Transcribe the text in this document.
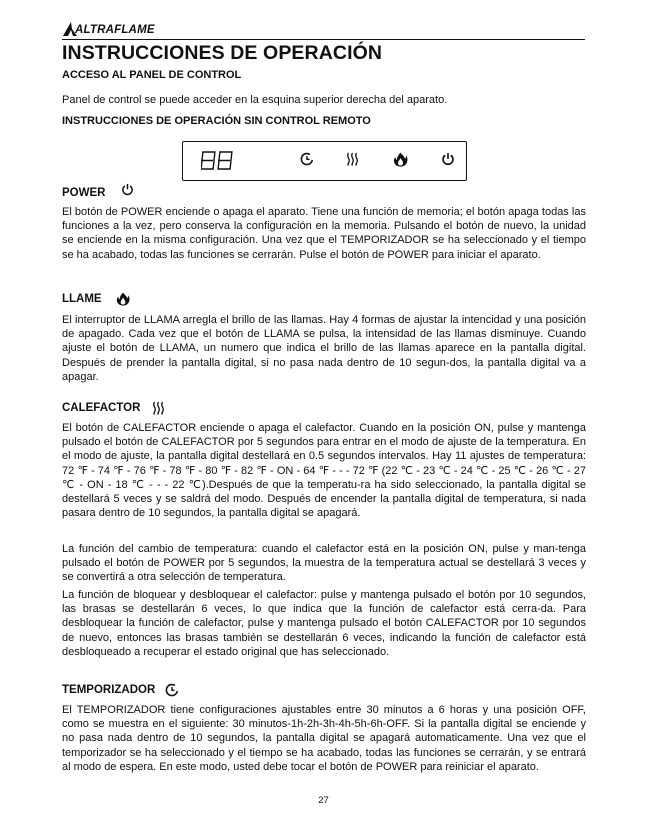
ALTRAFLAME
INSTRUCCIONES DE OPERACIÓN
ACCESO AL PANEL DE CONTROL

Panel de control se puede acceder en la esquina superior derecha del aparato.

INSTRUCCIONES DE OPERACIÓN SIN CONTROL REMOTO
88
POWER

El botón de POWER enciende o apaga el aparato. Tiene una función de memoria; el botón apaga todas las funciones a la vez, pero conserva la configuración en la memoria. Pulsando el botón de nuevo, la unidad se enciende en la misma configuración. Una vez que el TEMPORIZADOR se ha seleccionado y el tiempo se ha acabado, todas las funciones se cerrarán. Pulse el botón de POWER para iniciar el aparato.

LLAME

El interruptor de LLAMA arregla el brillo de las llamas. Hay 4 formas de ajustar la intencidad y una posición de apagado. Cada vez que el botón de LLAMA se pulsa, la intensidad de las llamas disminuye. Cuando ajuste el botón de LLAMA, un numero que indica el brillo de las llamas aparece en la pantalla digital. Después de prender la pantalla digital, si no pasa nada dentro de 10 segun-dos, la pantalla digital va a apagar.

CALEFACTOR

El botón de CALEFACTOR enciende o apaga el calefactor. Cuando en la posición ON, pulse y mantenga pulsado el botón de CALEFACTOR por 5 segundos para entrar en el modo de ajuste de la temperatura. En el modo de ajuste, la pantalla digital destellará en 0.5 segundos intervalos. Hay 11 ajustes de temperatura: 72 ℉ - 74 ℉ - 76 ℉ - 78 ℉ - 80 ℉ - 82 ℉ - ON - 64 ℉ - - - 72 ℉ (22 ℃ - 23 ℃ - 24 ℃ - 25 ℃ - 26 ℃ - 27 ℃ - ON - 18 ℃ - - - 22 ℃).Después de que la temperatu-ra ha sido seleccionado, la pantalla digital se destellará 5 veces y se saldrá del modo. Después de encender la pantalla digital de temperatura, si nada pasara dentro de 10 segundos, la pantalla digital se apagará.

La función del cambio de temperatura: cuando el calefactor está en la posición ON, pulse y man-tenga pulsado el botón de POWER por 5 segundos, la muestra de la temperatura actual se destellará 3 veces y se convertirá a otra selección de temperatura.

La función de bloquear y desbloquear el calefactor: pulse y mantenga pulsado el botón por 10 segundos, las brasas se destellarán 6 veces, lo que indica que la función de calefactor está cerra-da. Para desbloquear la función de calefactor, pulse y mantenga pulsado el botón CALEFACTOR por 10 segundos de nuevo, entonces las brasas también se destellarán 6 veces, indicando la función de calefactor está desbloqueado a recuperar el estado original que has seleccionado.

TEMPORIZADOR

El TEMPORIZADOR tiene configuraciones ajustables entre 30 minutos a 6 horas y una posición OFF, como se muestra en el siguiente: 30 minutos-1h-2h-3h-4h-5h-6h-OFF. Si la pantalla digital se enciende y no pasa nada dentro de 10 segundos, la pantalla digital se apagará automaticamente. Una vez que el temporizador se ha seleccionado y el tiempo se ha acabado, todas las funciones se cerrarán, y se entrará al modo de espera. En este modo, usted debe tocar el botón de POWER para reiniciar el aparato.

27
